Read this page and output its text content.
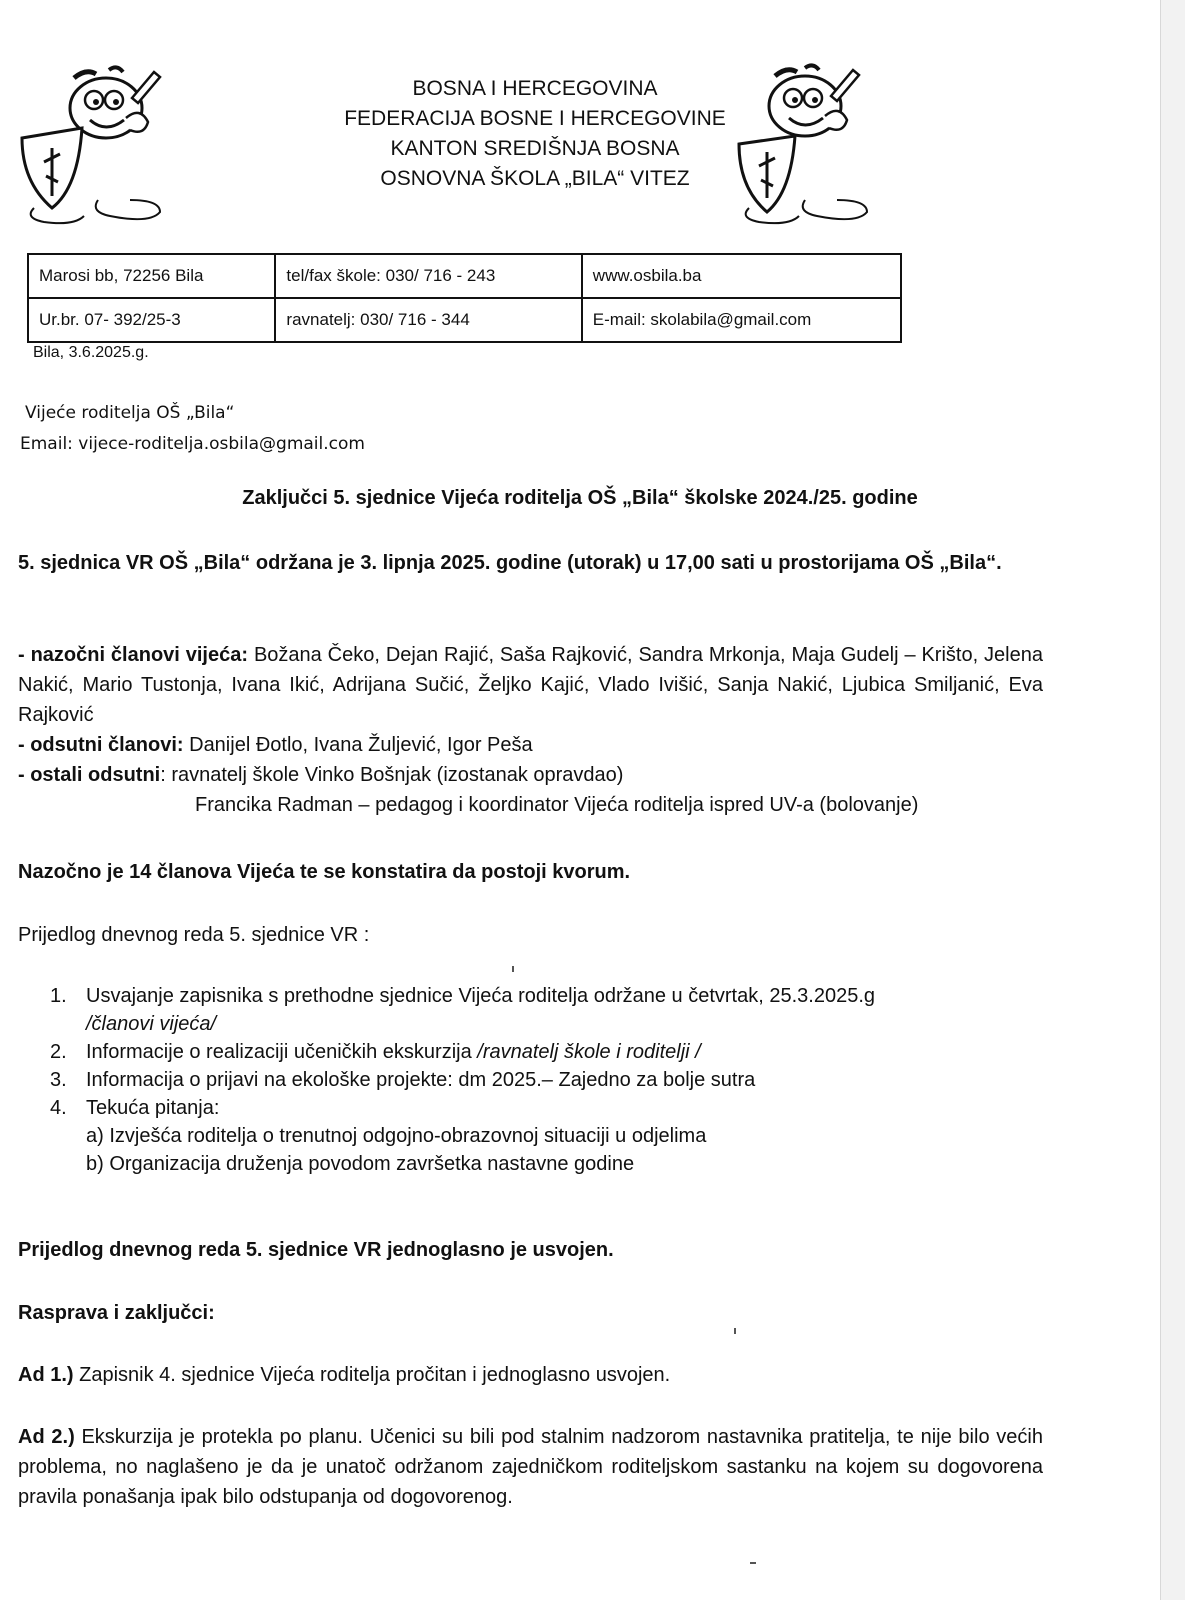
BOSNA I HERCEGOVINA
FEDERACIJA BOSNE I HERCEGOVINE
KANTON SREDIŠNJA BOSNA
OSNOVNA ŠKOLA „BILA“ VITEZ
Marosi bb, 72256 Bila	tel/fax škole: 030/ 716 - 243	www.osbila.ba
Ur.br. 07- 392/25-3	ravnatelj: 030/ 716 - 344	E-mail: skolabila@gmail.com
Bila, 3.6.2025.g.
Vijeće roditelja OŠ „Bila“
Email: vijece-roditelja.osbila@gmail.com
Zaključci 5. sjednice Vijeća roditelja OŠ „Bila“ školske 2024./25. godine
5. sjednica VR OŠ „Bila“ održana je 3. lipnja 2025. godine (utorak) u 17,00 sati u prostorijama OŠ „Bila“.
- nazočni članovi vijeća: Božana Čeko, Dejan Rajić, Saša Rajković, Sandra Mrkonja, Maja Gudelj – Krišto, Jelena Nakić, Mario Tustonja, Ivana Ikić, Adrijana Sučić, Željko Kajić, Vlado Ivišić, Sanja Nakić, Ljubica Smiljanić, Eva Rajković
- odsutni članovi: Danijel Đotlo, Ivana Žuljević, Igor Peša
- ostali odsutni: ravnatelj škole Vinko Bošnjak (izostanak opravdao)
Francika Radman – pedagog i koordinator Vijeća roditelja ispred UV-a (bolovanje)
Nazočno je 14 članova Vijeća te se konstatira da postoji kvorum.
Prijedlog dnevnog reda 5. sjednice VR :
1. Usvajanje zapisnika s prethodne sjednice Vijeća roditelja održane u četvrtak, 25.3.2025.g
/članovi vijeća/
2. Informacije o realizaciji učeničkih ekskurzija /ravnatelj škole i roditelji /
3. Informacija o prijavi na ekološke projekte: dm 2025.– Zajedno za bolje sutra
4. Tekuća pitanja:
a) Izvješća roditelja o trenutnoj odgojno-obrazovnoj situaciji u odjelima
b) Organizacija druženja povodom završetka nastavne godine
Prijedlog dnevnog reda 5. sjednice VR jednoglasno je usvojen.
Rasprava i zaključci:
Ad 1.) Zapisnik 4. sjednice Vijeća roditelja pročitan i jednoglasno usvojen.
Ad 2.) Ekskurzija je protekla po planu. Učenici su bili pod stalnim nadzorom nastavnika pratitelja, te nije bilo većih problema, no naglašeno je da je unatoč održanom zajedničkom roditeljskom sastanku na kojem su dogovorena pravila ponašanja ipak bilo odstupanja od dogovorenog.
